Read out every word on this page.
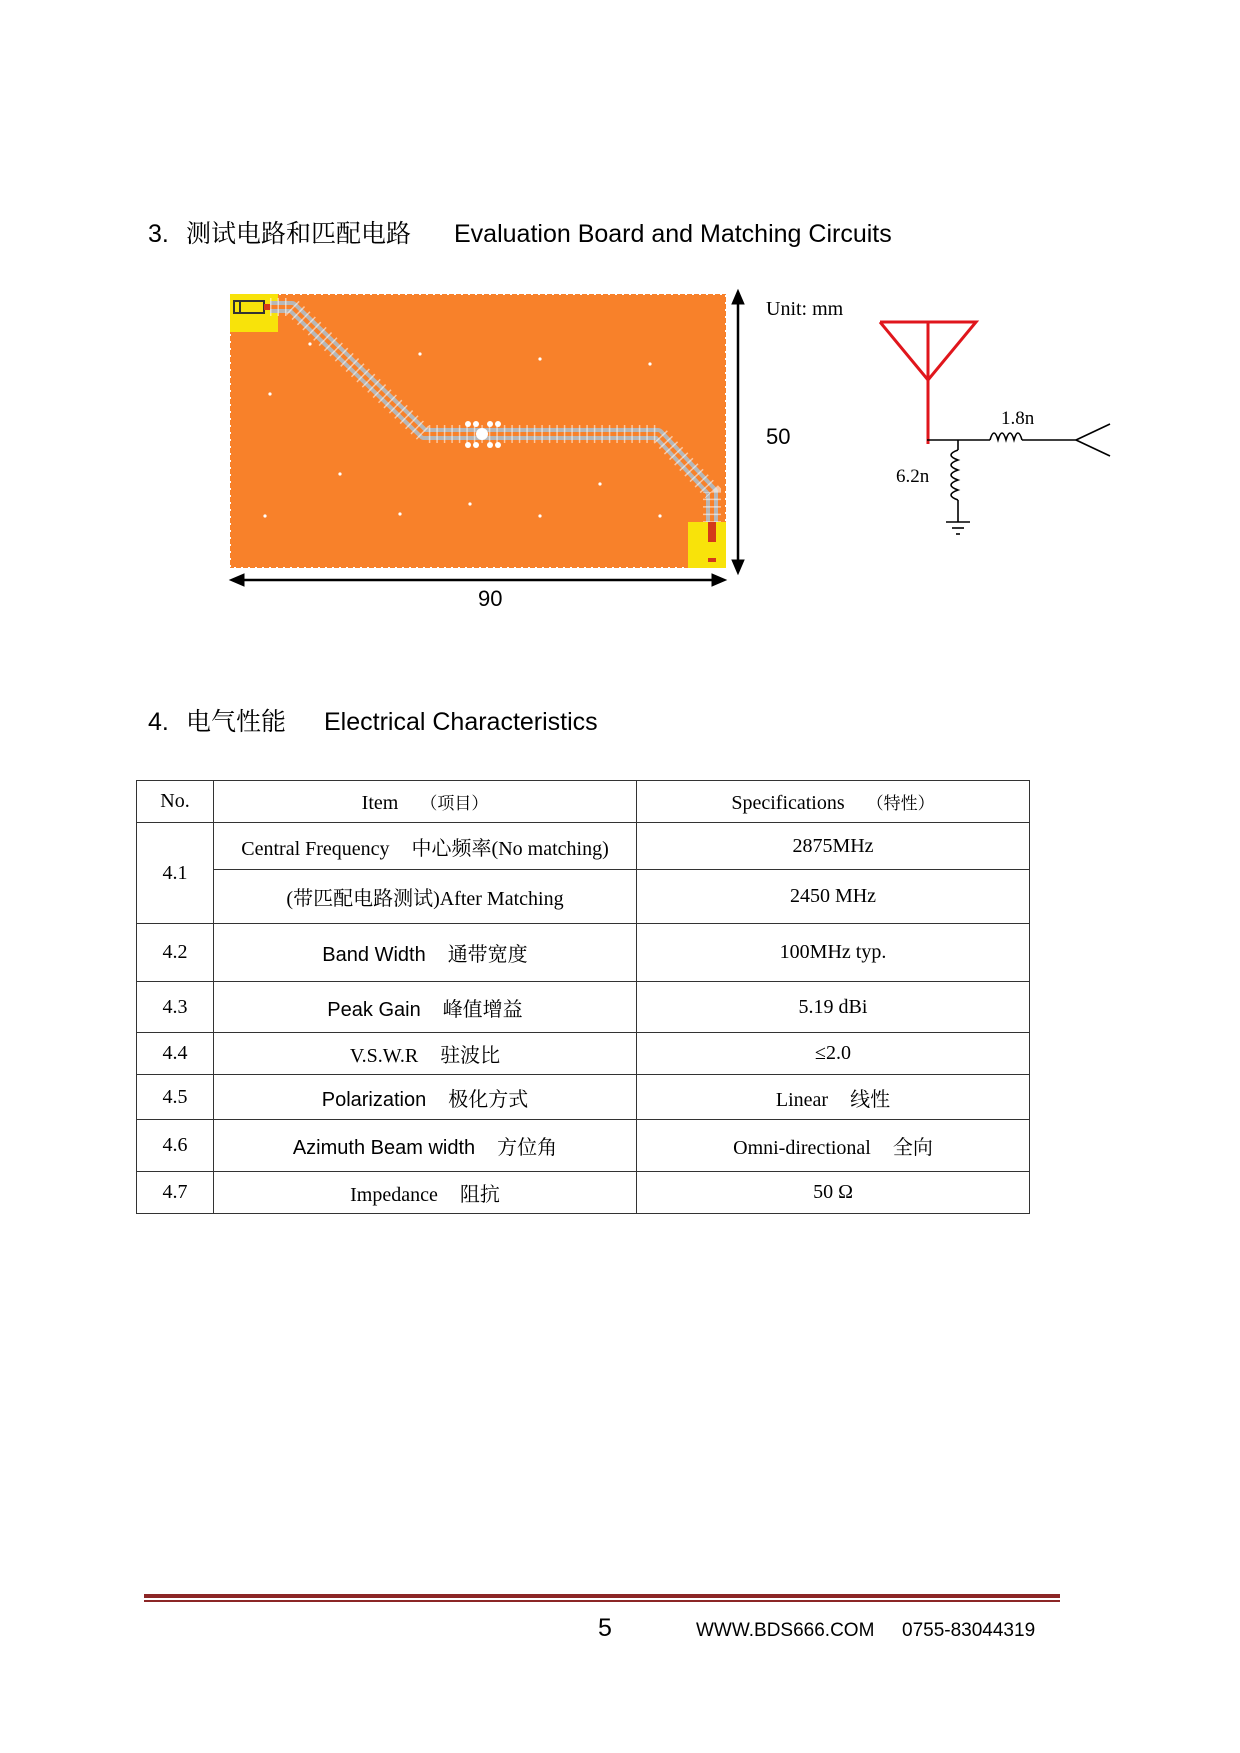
3. 测试电路和匹配电路 Evaluation Board and Matching Circuits
90
50
Unit: mm
1.8n
6.2n
4. 电气性能 Electrical Characteristics
No.	Item （项目）	Specifications （特性）
4.1	Central Frequency 中心频率(No matching)	2875MHz
	(带匹配电路测试)After Matching	2450 MHz
4.2	Band Width 通带宽度	100MHz typ.
4.3	Peak Gain 峰值增益	5.19 dBi
4.4	V.S.W.R 驻波比	≤2.0
4.5	Polarization 极化方式	Linear 线性
4.6	Azimuth Beam width 方位角	Omni-directional 全向
4.7	Impedance 阻抗	50 Ω
5	WWW.BDS666.COM 0755-83044319
